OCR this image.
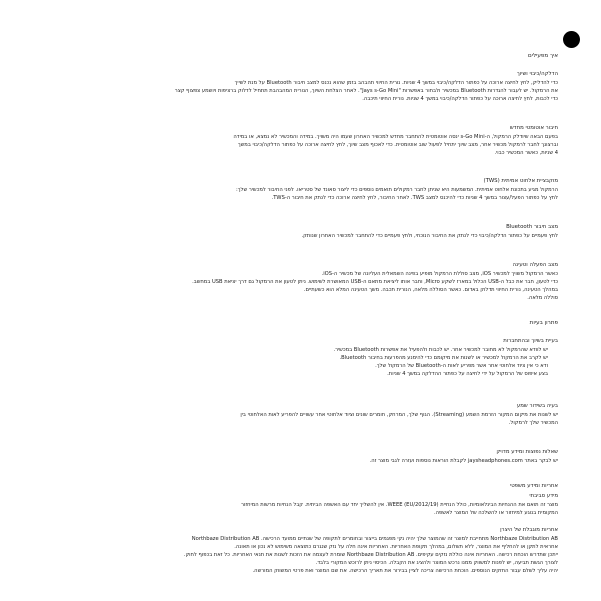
איך מפעילים
הדלקה/כיבוי ושיוך
כדי להדליק, לחץ לחיצה ארוכה על כפתור הדלקה/כיבוי במשך 4 שניות. נורית החיווי תהבהב בזמן שהוא נכנס למצב חיבור Bluetooth על מנת לשייך
את הרמקול. יש לעבור להגדרות Bluetooth במכשיר ולבחור באפשרות "Jays s-Go Mini". לאחר הצלחת השיוך, הנורית המהבהבת תתחיל לדלוק ברציפות ויושמע צפצוף קצר
כדי לכבות, לחץ לחיצה ארוכה על כפתור הדלקה/כיבוי במשך 4 שניות. נורית החיווי תיכבה.
חיבור אוטומטי מחדש
בפעם הבאה שיודלק הרמקול, ה-s-Go Mini ינסה אוטומטית להתחבר מחדש למכשיר האחרון שעמו היה משויך. במידה והמכשיר לא נמצא, או במידה
וברצונך לחבר לרמקול מכשיר אחר, מצב שיוך יתחיל לפעול שוב אוטומטית. כדי לאכוף מצב שיוך, לחץ לחיצה ארוכה על כפתור הדלקה/כיבוי במשך
4 שניות, כאשר המכשיר כבוי.
מוקבציית אלחוט אמיתית (TWS)
הרמקול מגיע בתכונת אלחוט אמיתית. המשמעות היא שניתן לחבר רמקולים תואמים נוספים כדי ליצור סאונד של סטריאו. לפני החיבור למכשיר שלך:
לחץ על כפתור הפעל/עצור במשך 4 שניות כדי להיכנס למצב TWS. לאחר החיבור, לחץ לחיצה ארוכה כדי לנתק את חיבור ה-TWS.
מצב חיבור Bluetooth
לחץ פעמיים על כפתור הדלקה/כיבוי כדי לנתק את החיבור הנוכחי, ולחץ פעמיים כדי להתחבר למכשיר האחרון שנותק.
מצב הפעלה וטעינה
כאשר הרמקול משויך למכשיר iOS, מצב סוללת הרמקול מופיע בפינה השמאלית העליונה של מכשיר ה-iOS.
כדי לטעון, חבר את כבל ה-USB הכלול במארז לשקע Micro, וחבר אותו ליציאת מתאם ה-USB המאושרת לשימוש. ניתן לטעון את הרמקול גם דרך יציאת USB במחשב.
במהלך הטעינה, נורית החיווי תדלוק באדום. כאשר הסוללה מלאה, הנורית תכבה. משך הטעינה המלא הוא כשעתיים.
סוללה מלאה.
פתרון בעיות
בעיית בשיוך ובהתחברות
• יש לוודא שהרמקול לא מחובר למכשיר אחר. יש לכבות ולהפעיל את אפשרות Bluetooth במכשיר.
• יש לקרב את הרמקול למכשיר או לשנות את מיקומם כדי להימנע מהפרעות בחיבור Bluetooth.
• ודא כי אין ציוד אלחוטי אחר אשר מפריע לאות ה-Bluetooth של הרמקול שלך.
• בצע איפוס של הרמקול על ידי לחיצה על כפתור ההדלקה במשך 4 שניות.
בעיה בשידור שמע
יש לשנות את מיקום המקור הזרמת השמע (Streaming). הגוף שלך, המרחק, חומרים שונים וציוד אלחוטי אחר עשויים להפריע לאות האלחוטי בין
המכשיר שלך לרמקול.
שאלות נפוצות ומידע מדויק
יש לבקר באתר jaysheadphones.com לקבלת הוראות נוספות ועזרה לגבי מוצר זה.
אחריות ומידע משפטי
מידע סביבתי
מוצר זה תואם את ההנחיות הבינלאומיות, כולל הנחיית WEEE (EU/2012/19). אין להשליך יחד עם האשפה הביתית. קבל הנחיות מרשות המיחזור
המקומית בנוגע למיחזור או להשלכה של המוצר לאשפה.
אחריות מוגבלת של היצרן
Northbaze Distribution AB מתחייבת למוצר זה שהמוצר שלך יהיה נקי מפגמים בייצור ובחומרים לתקופה של שנתיים ממועד הרכישה. Northbaze Distribution AB
אחראית לתקן או להחליף את המוצר, ללא תשלום, במהלך תקופת האחריות. האחריות אינה חלה על נזק שנגרם כתוצאה משימוש לא נכון או תאונה.
ייתכן שתדרש הוכחת רכישה. האחריות אינה כוללת נזקים עקיפים. Northbaze Distribution AB שומרת לעצמה את הזכות לשנות את תנאי האחריות. כל זאת בכפוף לחוק.
לצורך הגשת תביעה, יש לפנות למשווק ממנו נרכש המוצר ולהציג את הקבלה. הכיסוי ניתן לרוכש המקורי בלבד.
יהיה עליך לשלם עבור החזקים הנוספים. הוכחת הרכישה צריכה לציין בבירור את תאריך הרכישה. את שם המוצר ואת פרטי המשווק המורשה.
